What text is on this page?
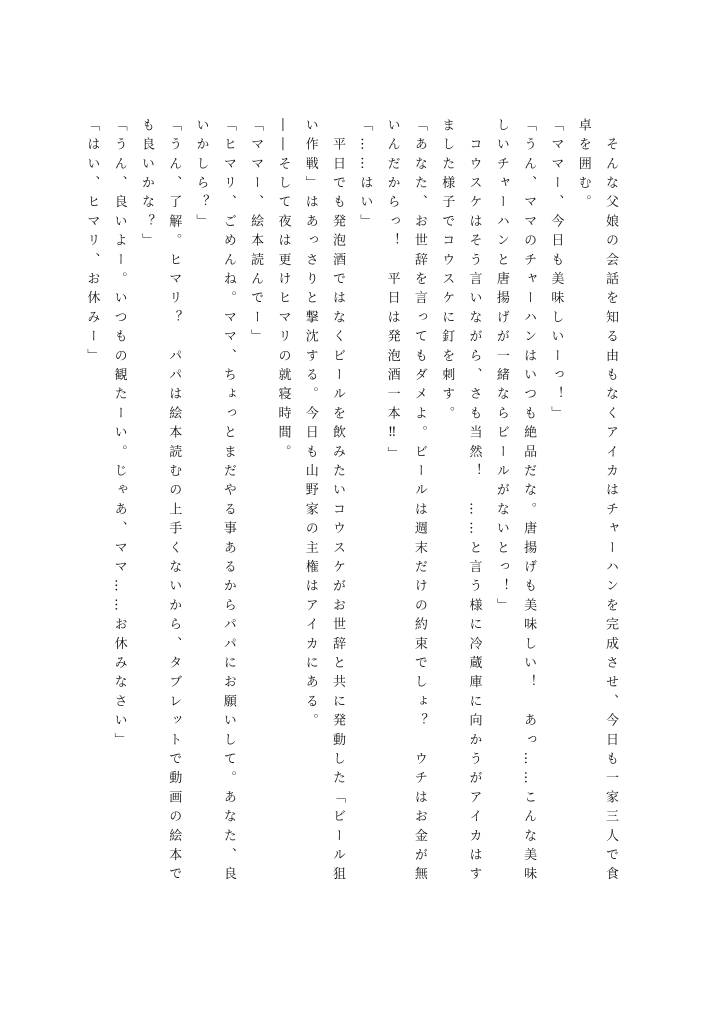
　そんな父娘の会話を知る由もなくアイカはチャーハンを完成させ、今日も一家三人で食

卓を囲む。

「ママー、今日も美味しいーっ！」

「うん、ママのチャーハンはいつも絶品だな。唐揚げも美味しい！　あっ……こんな美味

しいチャーハンと唐揚げが一緒ならビールがないとっ！」

　コウスケはそう言いながら、さも当然！　……と言う様に冷蔵庫に向かうがアイカはす

ました様子でコウスケに釘を刺す。

「あなた、お世辞を言ってもダメよ。ビールは週末だけの約束でしょ？　ウチはお金が無

いんだからっ！　平日は発泡酒一本‼」

「……はい」

　平日でも発泡酒ではなくビールを飲みたいコウスケがお世辞と共に発動した「ビール狙

い作戦」はあっさりと撃沈する。今日も山野家の主権はアイカにある。

――そして夜は更けヒマリの就寝時間。

「ママー、絵本読んでー」

「ヒマリ、ごめんね。ママ、ちょっとまだやる事あるからパパにお願いして。あなた、良

いかしら？」

「うん、了解。ヒマリ？　パパは絵本読むの上手くないから、タブレットで動画の絵本で

も良いかな？」

「うん、良いよー。いつもの観たーい。じゃあ、ママ……お休みなさい」

「はい、ヒマリ、お休みー」
